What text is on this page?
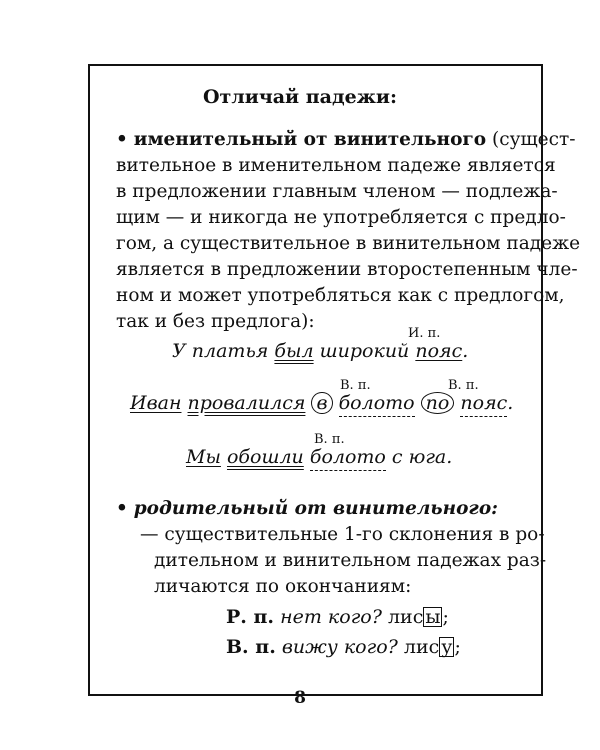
Отличай падежи:
• именительный от винительного (сущест-
вительное в именительном падеже является
в предложении главным членом — подлежа-
щим — и никогда не употребляется с предло-
гом, а существительное в винительном падеже
является в предложении второстепенным чле-
ном и может употребляться как с предлогом,
так и без предлога):
И. п.
У платья был широкий пояс.
В. п.	В. п.
Иван провалился в болото по пояс.
В. п.
Мы обошли болото с юга.
• родительный от винительного:
— существительные 1-го склонения в ро-
дительном и винительном падежах раз-
личаются по окончаниям:
Р. п. нет кого? лис ы ;
В. п. вижу кого? лис у ;
8
